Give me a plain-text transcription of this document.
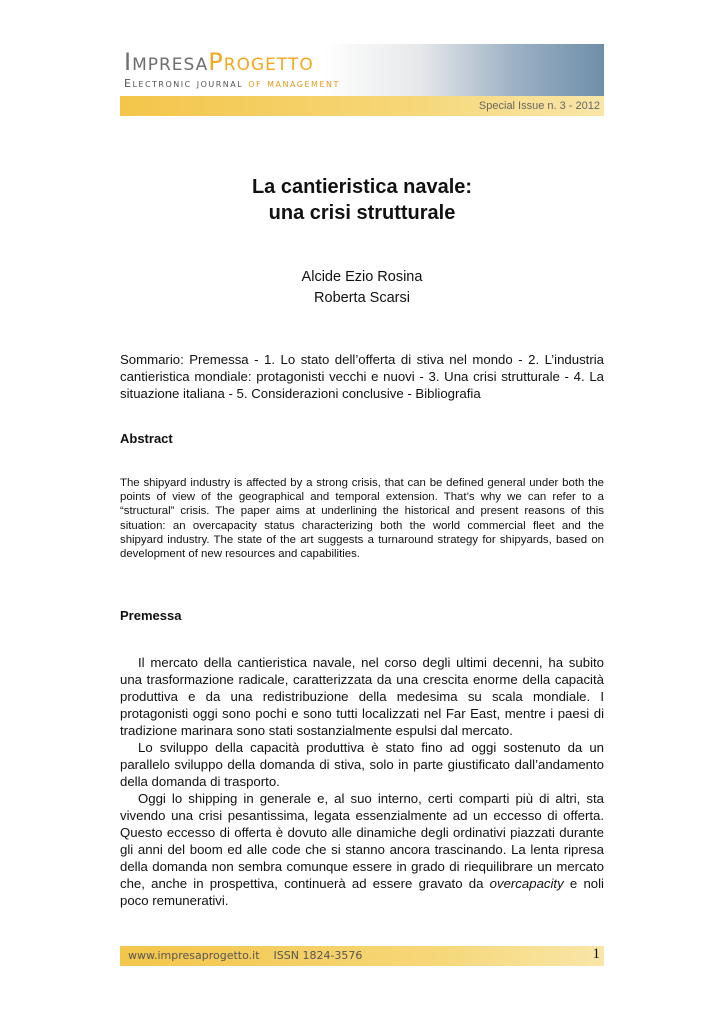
ImpresaProgetto
Electronic journal of management
Special Issue n. 3 - 2012
La cantieristica navale:
una crisi strutturale
Alcide Ezio Rosina
Roberta Scarsi
Sommario: Premessa - 1. Lo stato dell’offerta di stiva nel mondo - 2. L’industria cantieristica mondiale: protagonisti vecchi e nuovi - 3. Una crisi strutturale - 4. La situazione italiana - 5. Considerazioni conclusive - Bibliografia
Abstract
The shipyard industry is affected by a strong crisis, that can be defined general under both the points of view of the geographical and temporal extension. That’s why we can refer to a “structural” crisis. The paper aims at underlining the historical and present reasons of this situation: an overcapacity status characterizing both the world commercial fleet and the shipyard industry. The state of the art suggests a turnaround strategy for shipyards, based on development of new resources and capabilities.
Premessa

Il mercato della cantieristica navale, nel corso degli ultimi decenni, ha subito una trasformazione radicale, caratterizzata da una crescita enorme della capacità produttiva e da una redistribuzione della medesima su scala mondiale. I protagonisti oggi sono pochi e sono tutti localizzati nel Far East, mentre i paesi di tradizione marinara sono stati sostanzialmente espulsi dal mercato.

Lo sviluppo della capacità produttiva è stato fino ad oggi sostenuto da un parallelo sviluppo della domanda di stiva, solo in parte giustificato dall’andamento della domanda di trasporto.

Oggi lo shipping in generale e, al suo interno, certi comparti più di altri, sta vivendo una crisi pesantissima, legata essenzialmente ad un eccesso di offerta. Questo eccesso di offerta è dovuto alle dinamiche degli ordinativi piazzati durante gli anni del boom ed alle code che si stanno ancora trascinando. La lenta ripresa della domanda non sembra comunque essere in grado di riequilibrare un mercato che, anche in prospettiva, continuerà ad essere gravato da overcapacity e noli poco remunerativi.

www.impresaprogetto.it ISSN 1824-3576	1
